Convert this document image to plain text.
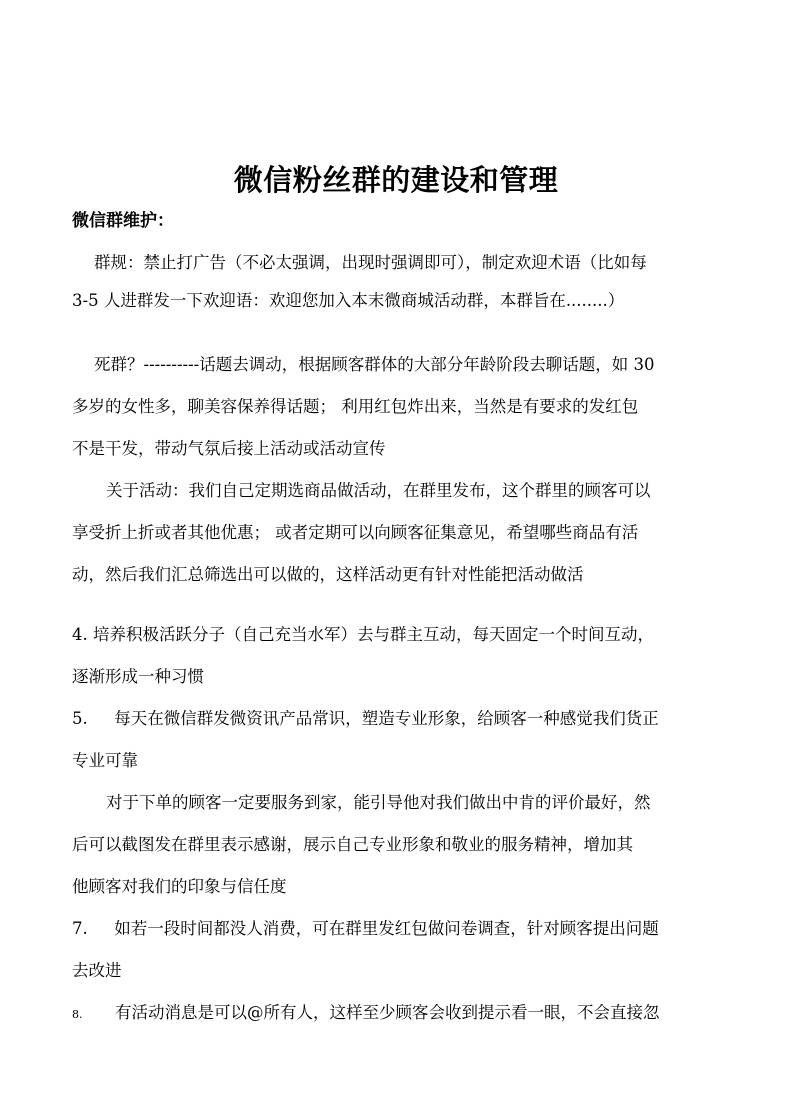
微信粉丝群的建设和管理
微信群维护：
群规：禁止打广告（不必太强调，出现时强调即可），制定欢迎术语（比如每
3-5 人进群发一下欢迎语：欢迎您加入本末微商城活动群，本群旨在........）
死群？----------话题去调动，根据顾客群体的大部分年龄阶段去聊话题，如 30
多岁的女性多，聊美容保养得话题； 利用红包炸出来，当然是有要求的发红包
不是干发，带动气氛后接上活动或活动宣传
关于活动：我们自己定期选商品做活动，在群里发布，这个群里的顾客可以
享受折上折或者其他优惠； 或者定期可以向顾客征集意见，希望哪些商品有活
动，然后我们汇总筛选出可以做的，这样活动更有针对性能把活动做活
4. 培养积极活跃分子（自己充当水军）去与群主互动，每天固定一个时间互动，
逐渐形成一种习惯
5. 每天在微信群发微资讯产品常识，塑造专业形象，给顾客一种感觉我们货正
专业可靠
对于下单的顾客一定要服务到家，能引导他对我们做出中肯的评价最好，然
后可以截图发在群里表示感谢，展示自己专业形象和敬业的服务精神，增加其
他顾客对我们的印象与信任度
7. 如若一段时间都没人消费，可在群里发红包做问卷调查，针对顾客提出问题
去改进
8. 有活动消息是可以@所有人，这样至少顾客会收到提示看一眼，不会直接忽
